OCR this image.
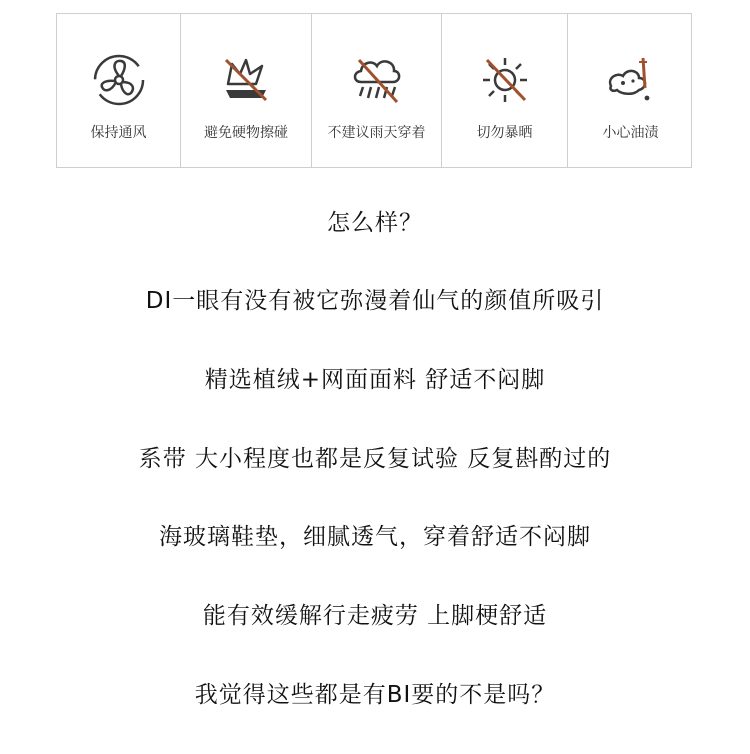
保持通风	避免硬物擦碰	不建议雨天穿着	切勿暴晒	小心油渍
怎么样？
DI一眼有没有被它弥漫着仙气的颜值所吸引
精选植绒+网面面料 舒适不闷脚
系带 大小程度也都是反复试验 反复斟酌过的
海玻璃鞋垫，细腻透气，穿着舒适不闷脚
能有效缓解行走疲劳 上脚梗舒适
我觉得这些都是有BI要的不是吗？
